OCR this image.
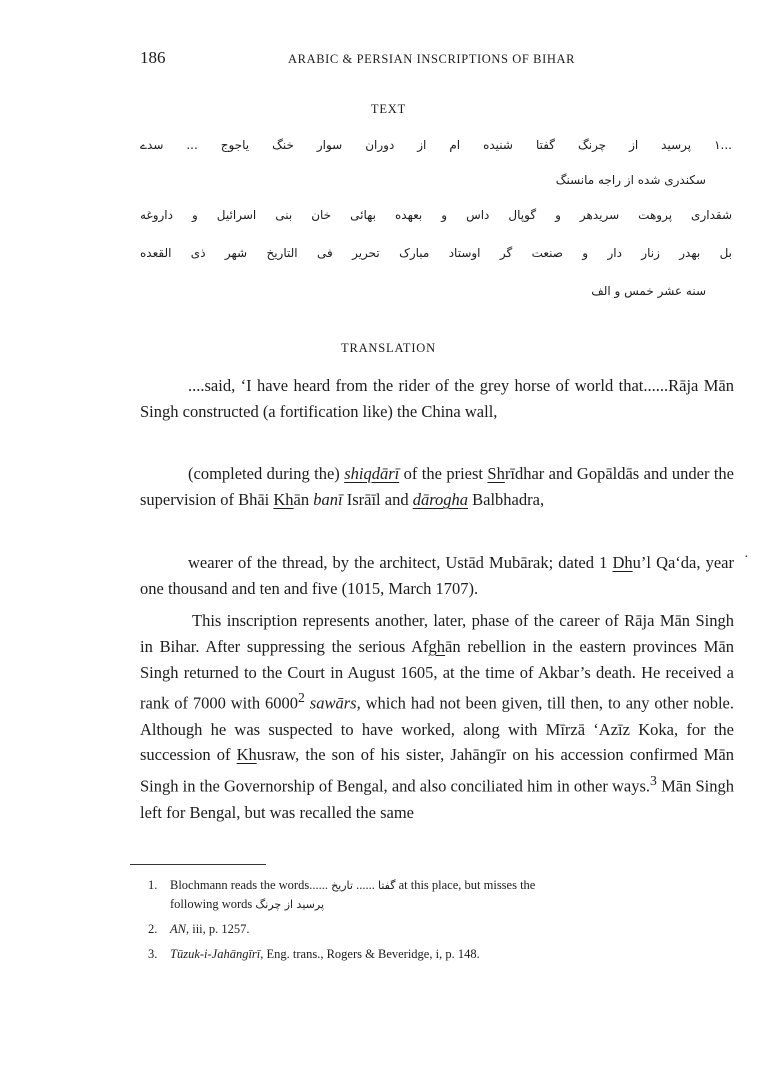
186	ARABIC & PERSIAN INSCRIPTIONS OF BIHAR
TEXT
...۱ پرسید از چرنگ گفتا شنیده ام از دوران سوار خنگ یاجوج ... سدے
سکندری شده از راجه مانسنگ
شقداری پروهت سریدهر و گوپال داس و بعهده بهائی خان بنی اسرائیل و داروغه
بل بهدر زنار دار و صنعت گر اوستاد مبارک تحریر فی التاریخ شهر ذی القعده
سنه عشر خمس و الف
TRANSLATION
....said, ‘I have heard from the rider of the grey horse of world that......Rāja Mān Singh constructed (a fortification like) the China wall,
(completed during the) shiqdārī of the priest Shrīdhar and Gopāldās and under the supervision of Bhāi Khān banī Isrāīl and dārogha Balbhadra,
wearer of the thread, by the architect, Ustād Mubārak; dated 1 Dhu’l Qa‘da, year one thousand and ten and five (1015, March 1707).
·
This inscription represents another, later, phase of the career of Rāja Mān Singh in Bihar. After suppressing the serious Afghān rebellion in the eastern provinces Mān Singh returned to the Court in August 1605, at the time of Akbar’s death. He received a rank of 7000 with 6000$^2$ sawārs, which had not been given, till then, to any other noble. Although he was suspected to have worked, along with Mīrzā ‘Azīz Koka, for the succession of Khusraw, the son of his sister, Jahāngīr on his accession confirmed Mān Singh in the Governorship of Bengal, and also conciliated him in other ways.$^3$ Mān Singh left for Bengal, but was recalled the same
1. Blochmann reads the words......	گفتا ...... تاریخ	at this place, but misses the
following words پرسید از چرنگ
2. AN, iii, p. 1257.
3. Tūzuk-i-Jahāngīrī, Eng. trans., Rogers & Beveridge, i, p. 148.
